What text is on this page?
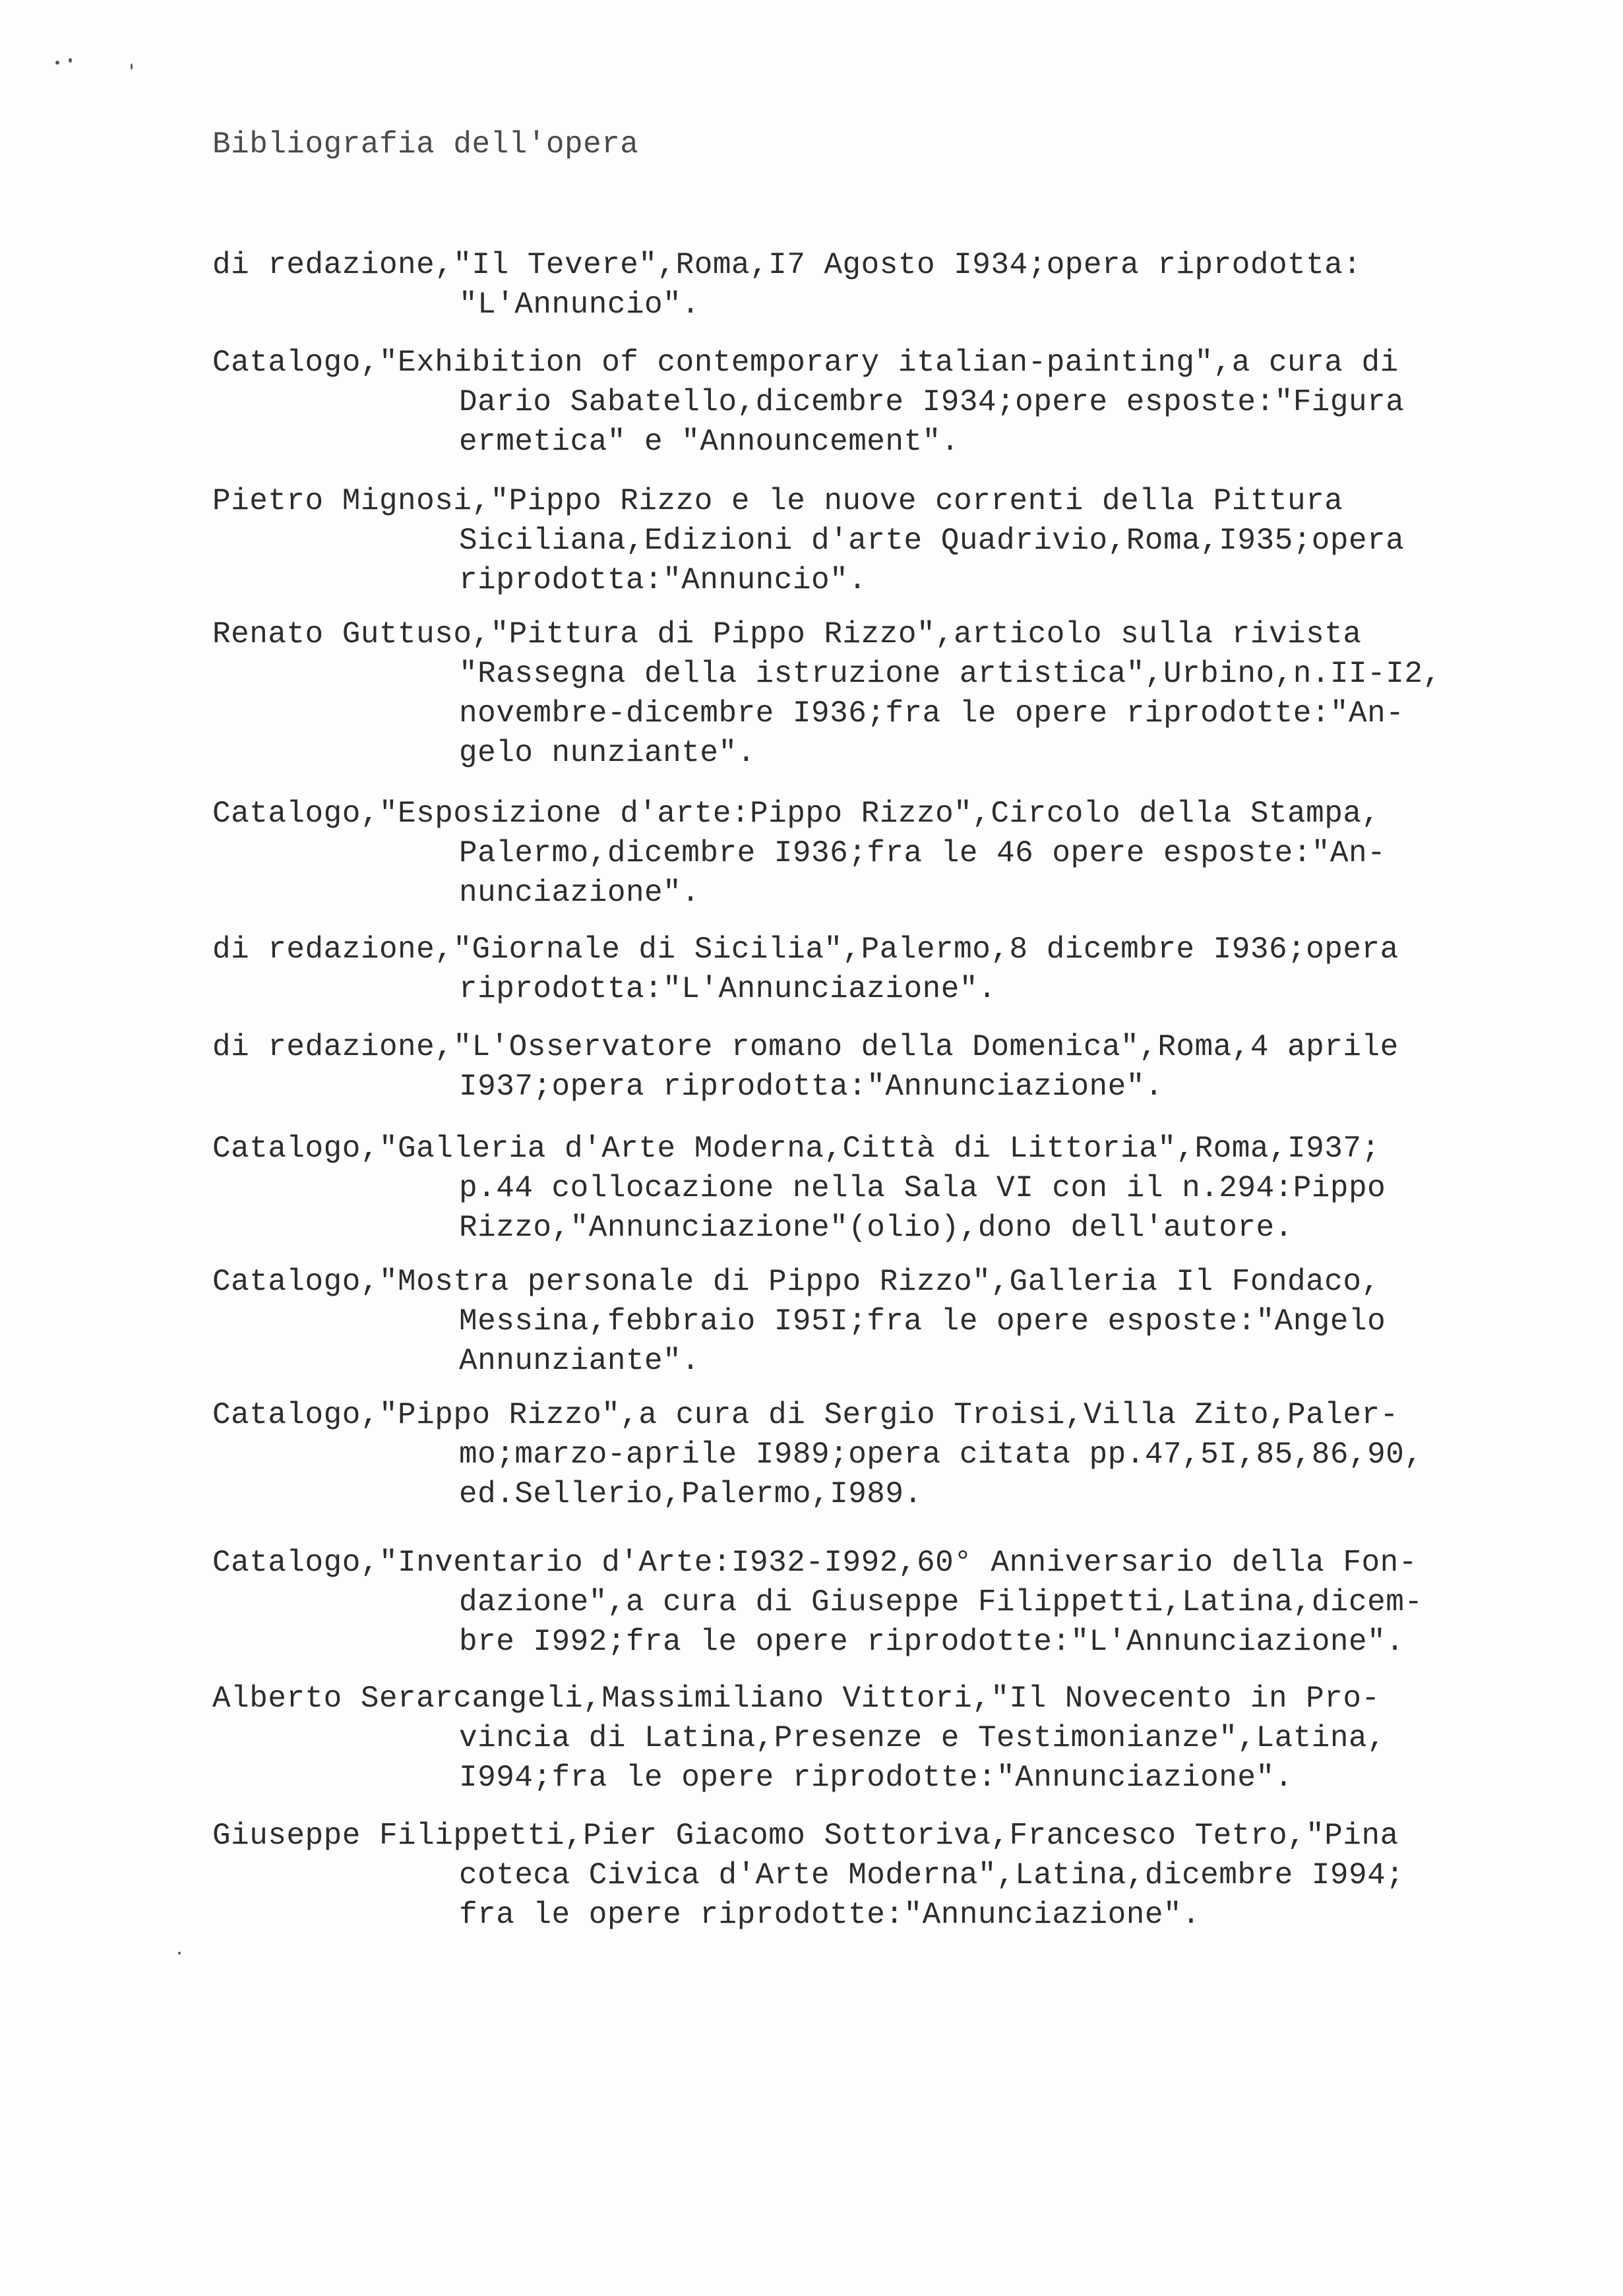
Bibliografia dell'opera
di redazione,"Il Tevere",Roma,I7 Agosto I934;opera riprodotta:
"L'Annuncio".
Catalogo,"Exhibition of contemporary italian-painting",a cura di
Dario Sabatello,dicembre I934;opere esposte:"Figura
ermetica" e "Announcement".
Pietro Mignosi,"Pippo Rizzo e le nuove correnti della Pittura
Siciliana,Edizioni d'arte Quadrivio,Roma,I935;opera
riprodotta:"Annuncio".
Renato Guttuso,"Pittura di Pippo Rizzo",articolo sulla rivista
"Rassegna della istruzione artistica",Urbino,n.II-I2,
novembre-dicembre I936;fra le opere riprodotte:"An-
gelo nunziante".
Catalogo,"Esposizione d'arte:Pippo Rizzo",Circolo della Stampa,
Palermo,dicembre I936;fra le 46 opere esposte:"An-
nunciazione".
di redazione,"Giornale di Sicilia",Palermo,8 dicembre I936;opera
riprodotta:"L'Annunciazione".
di redazione,"L'Osservatore romano della Domenica",Roma,4 aprile
I937;opera riprodotta:"Annunciazione".
Catalogo,"Galleria d'Arte Moderna,Città di Littoria",Roma,I937;
p.44 collocazione nella Sala VI con il n.294:Pippo
Rizzo,"Annunciazione"(olio),dono dell'autore.
Catalogo,"Mostra personale di Pippo Rizzo",Galleria Il Fondaco,
Messina,febbraio I95I;fra le opere esposte:"Angelo
Annunziante".
Catalogo,"Pippo Rizzo",a cura di Sergio Troisi,Villa Zito,Paler-
mo;marzo-aprile I989;opera citata pp.47,5I,85,86,90,
ed.Sellerio,Palermo,I989.
Catalogo,"Inventario d'Arte:I932-I992,60° Anniversario della Fon-
dazione",a cura di Giuseppe Filippetti,Latina,dicem-
bre I992;fra le opere riprodotte:"L'Annunciazione".
Alberto Serarcangeli,Massimiliano Vittori,"Il Novecento in Pro-
vincia di Latina,Presenze e Testimonianze",Latina,
I994;fra le opere riprodotte:"Annunciazione".
Giuseppe Filippetti,Pier Giacomo Sottoriva,Francesco Tetro,"Pina
coteca Civica d'Arte Moderna",Latina,dicembre I994;
fra le opere riprodotte:"Annunciazione".
